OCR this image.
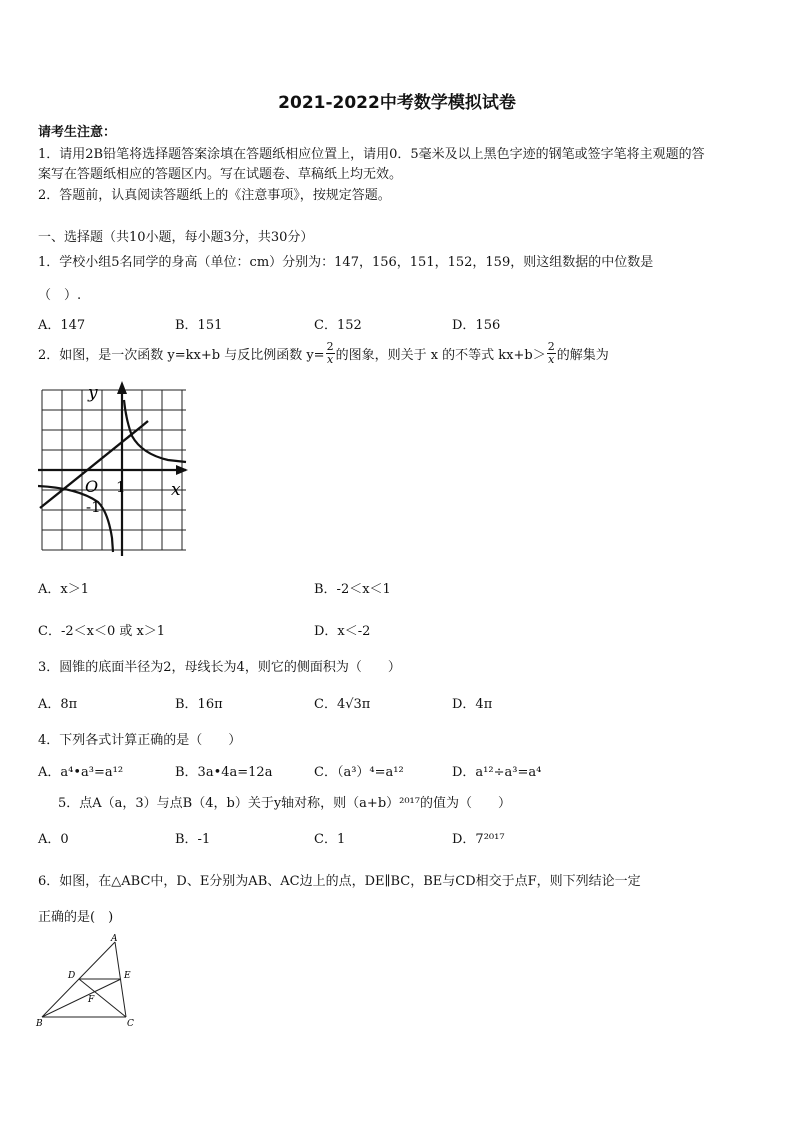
2021-2022中考数学模拟试卷
请考生注意：
1．请用2B铅笔将选择题答案涂填在答题纸相应位置上，请用0．5毫米及以上黑色字迹的钢笔或签字笔将主观题的答
案写在答题纸相应的答题区内。写在试题卷、草稿纸上均无效。
2．答题前，认真阅读答题纸上的《注意事项》，按规定答题。
一、选择题（共10小题，每小题3分，共30分）
1．学校小组5名同学的身高（单位：cm）分别为：147，156，151，152，159，则这组数据的中位数是
（　）.
A．147	B．151	C．152	D．156
2．如图，是一次函数 y=kx+b 与反比例函数 $y= \frac{2}{x}$ 的图象，则关于 x 的不等式 $kx+b> \frac{2}{x}$ 的解集为
y
x
O 1
-1
A．x＞1	B．-2＜x＜1
C．-2＜x＜0 或 x＞1	D．x＜-2
3．圆锥的底面半径为2，母线长为4，则它的侧面积为（　　）
A．8π	B．16π	C．4√3π	D．4π
4．下列各式计算正确的是（　　）
A．a⁴•a³=a¹²	B．3a•4a=12a	C．（a³）⁴=a¹²	D．a¹²÷a³=a⁴
5．点A（a，3）与点B（4，b）关于y轴对称，则（a+b）²⁰¹⁷的值为（　　）
A．0	B．-1	C．1	D．7²⁰¹⁷
6．如图，在△ABC中，D、E分别为AB、AC边上的点，DE∥BC，BE与CD相交于点F，则下列结论一定
正确的是(　)
A
B	C
D	E
F
